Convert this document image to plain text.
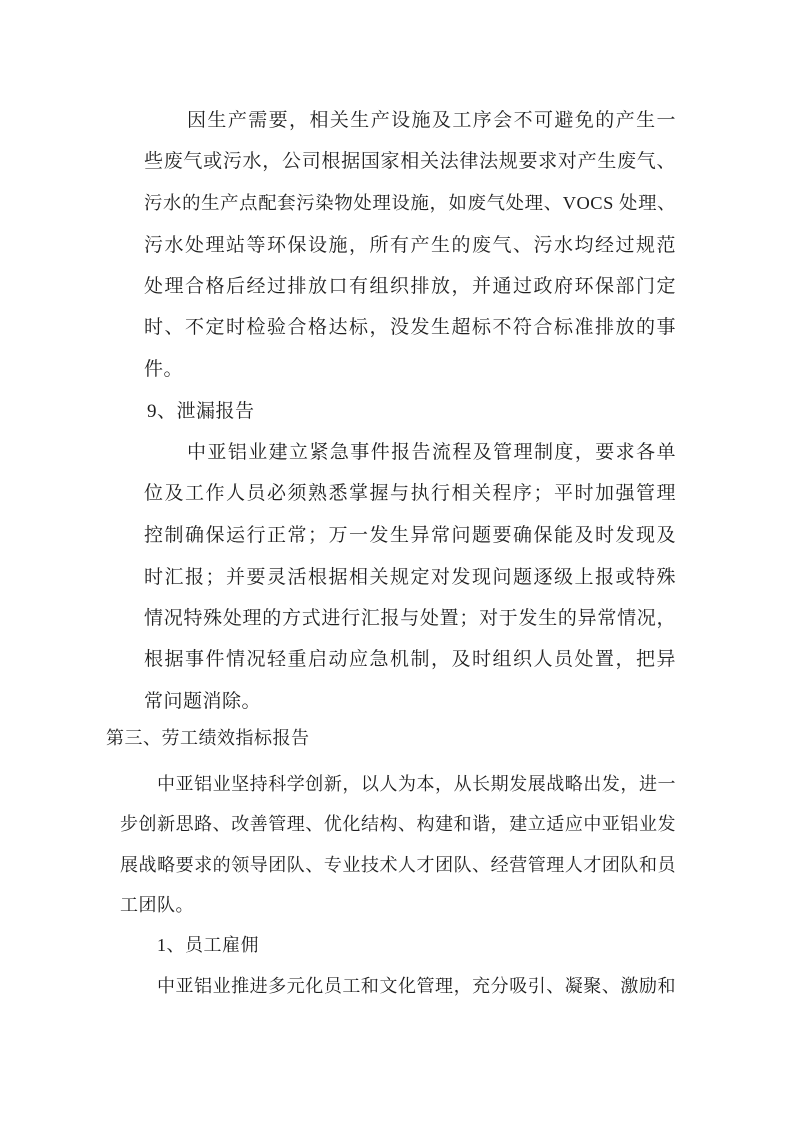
因生产需要，相关生产设施及工序会不可避免的产生一
些废气或污水，公司根据国家相关法律法规要求对产生废气、
污水的生产点配套污染物处理设施，如废气处理、VOCS 处理、
污水处理站等环保设施，所有产生的废气、污水均经过规范
处理合格后经过排放口有组织排放，并通过政府环保部门定
时、不定时检验合格达标，没发生超标不符合标准排放的事
件。
9、泄漏报告
中亚铝业建立紧急事件报告流程及管理制度，要求各单
位及工作人员必须熟悉掌握与执行相关程序；平时加强管理
控制确保运行正常；万一发生异常问题要确保能及时发现及
时汇报；并要灵活根据相关规定对发现问题逐级上报或特殊
情况特殊处理的方式进行汇报与处置；对于发生的异常情况，
根据事件情况轻重启动应急机制，及时组织人员处置，把异
常问题消除。
第三、劳工绩效指标报告
中亚铝业坚持科学创新，以人为本，从长期发展战略出发，进一
步创新思路、改善管理、优化结构、构建和谐，建立适应中亚铝业发
展战略要求的领导团队、专业技术人才团队、经营管理人才团队和员
工团队。
1、员工雇佣
中亚铝业推进多元化员工和文化管理，充分吸引、凝聚、激励和
